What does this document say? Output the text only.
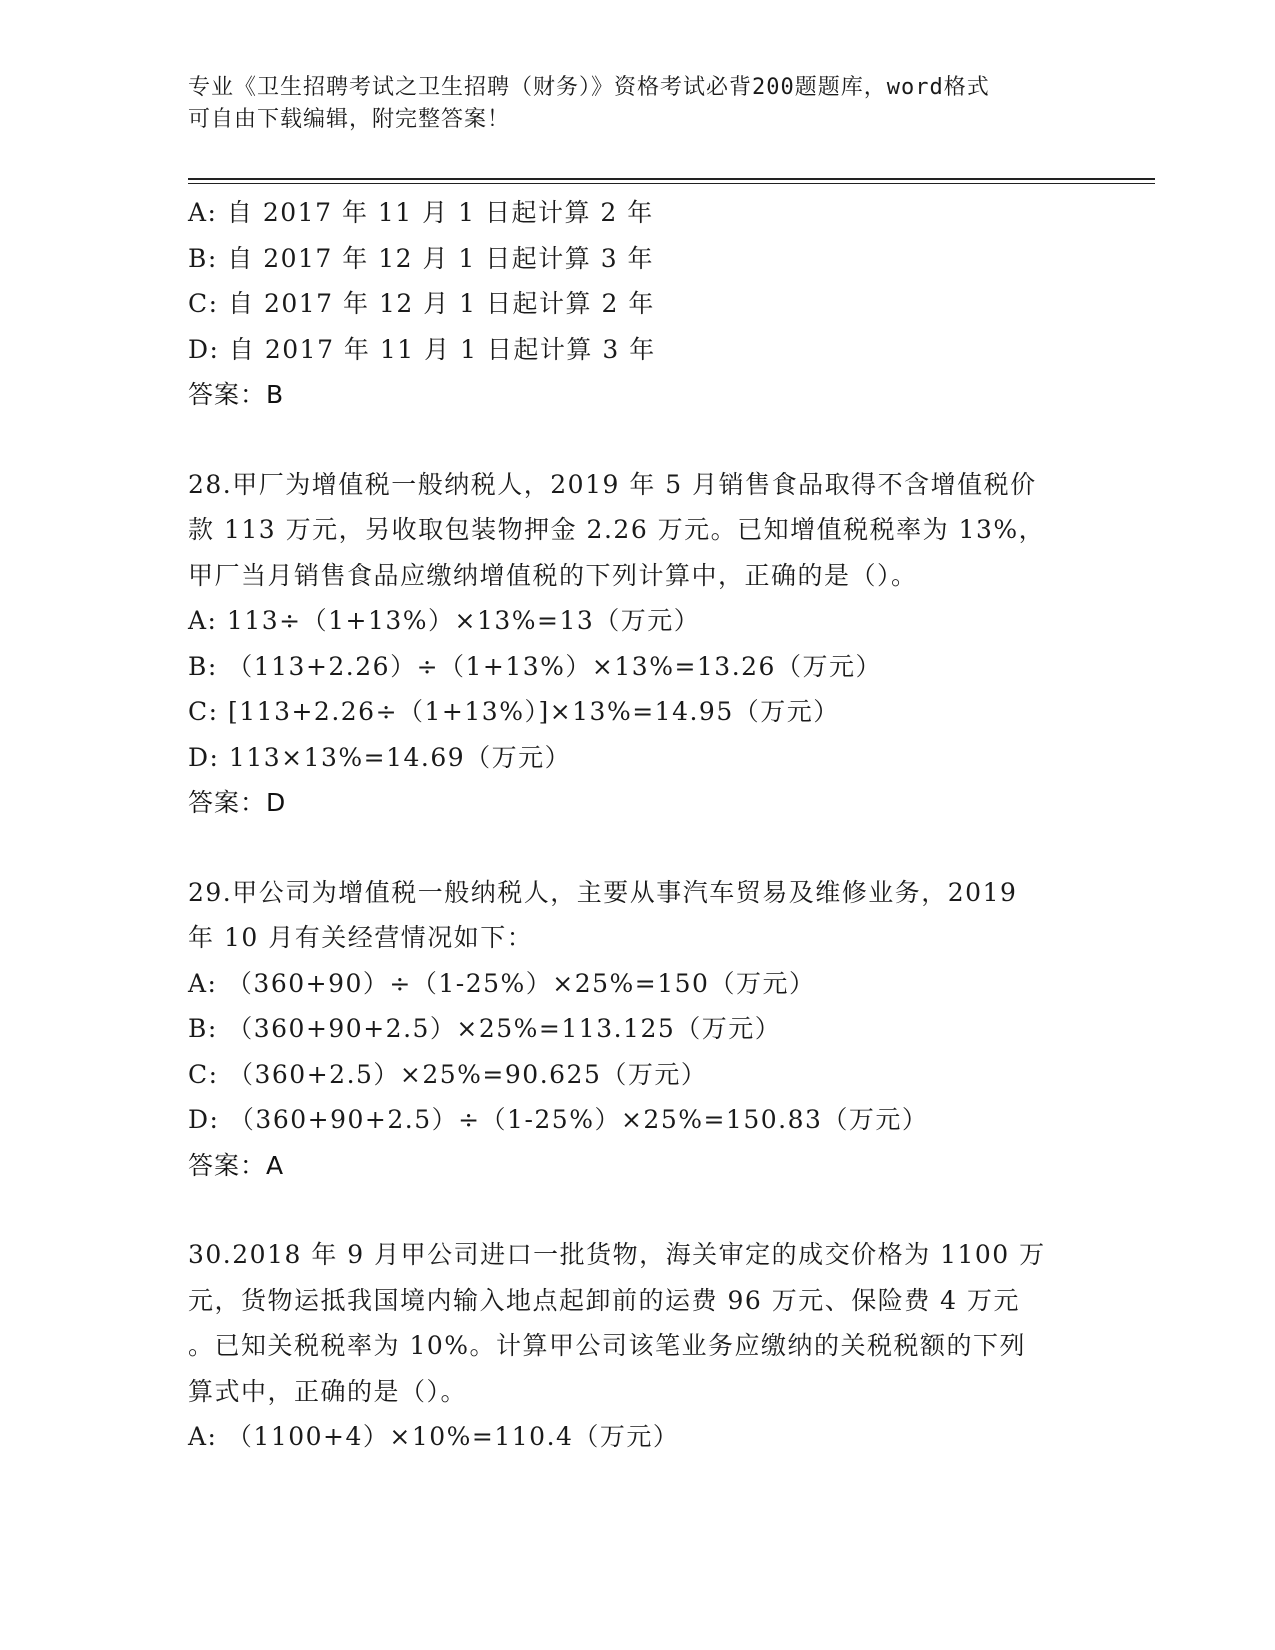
专业《卫生招聘考试之卫生招聘（财务）》资格考试必背200题题库，word格式
可自由下载编辑，附完整答案！
A: 自 2017 年 11 月 1 日起计算 2 年
B: 自 2017 年 12 月 1 日起计算 3 年
C: 自 2017 年 12 月 1 日起计算 2 年
D: 自 2017 年 11 月 1 日起计算 3 年
答案：B
28.甲厂为增值税一般纳税人，2019 年 5 月销售食品取得不含增值税价
款 113 万元，另收取包装物押金 2.26 万元。已知增值税税率为 13%，
甲厂当月销售食品应缴纳增值税的下列计算中，正确的是（）。
A: 113÷（1+13%）×13%=13（万元）
B: （113+2.26）÷（1+13%）×13%=13.26（万元）
C: [113+2.26÷（1+13%）]×13%=14.95（万元）
D: 113×13%=14.69（万元）
答案：D
29.甲公司为增值税一般纳税人，主要从事汽车贸易及维修业务，2019
年 10 月有关经营情况如下：
A: （360+90）÷（1-25%）×25%=150（万元）
B: （360+90+2.5）×25%=113.125（万元）
C: （360+2.5）×25%=90.625（万元）
D: （360+90+2.5）÷（1-25%）×25%=150.83（万元）
答案：A
30.2018 年 9 月甲公司进口一批货物，海关审定的成交价格为 1100 万
元，货物运抵我国境内输入地点起卸前的运费 96 万元、保险费 4 万元
。已知关税税率为 10%。计算甲公司该笔业务应缴纳的关税税额的下列
算式中，正确的是（）。
A: （1100+4）×10%=110.4（万元）
